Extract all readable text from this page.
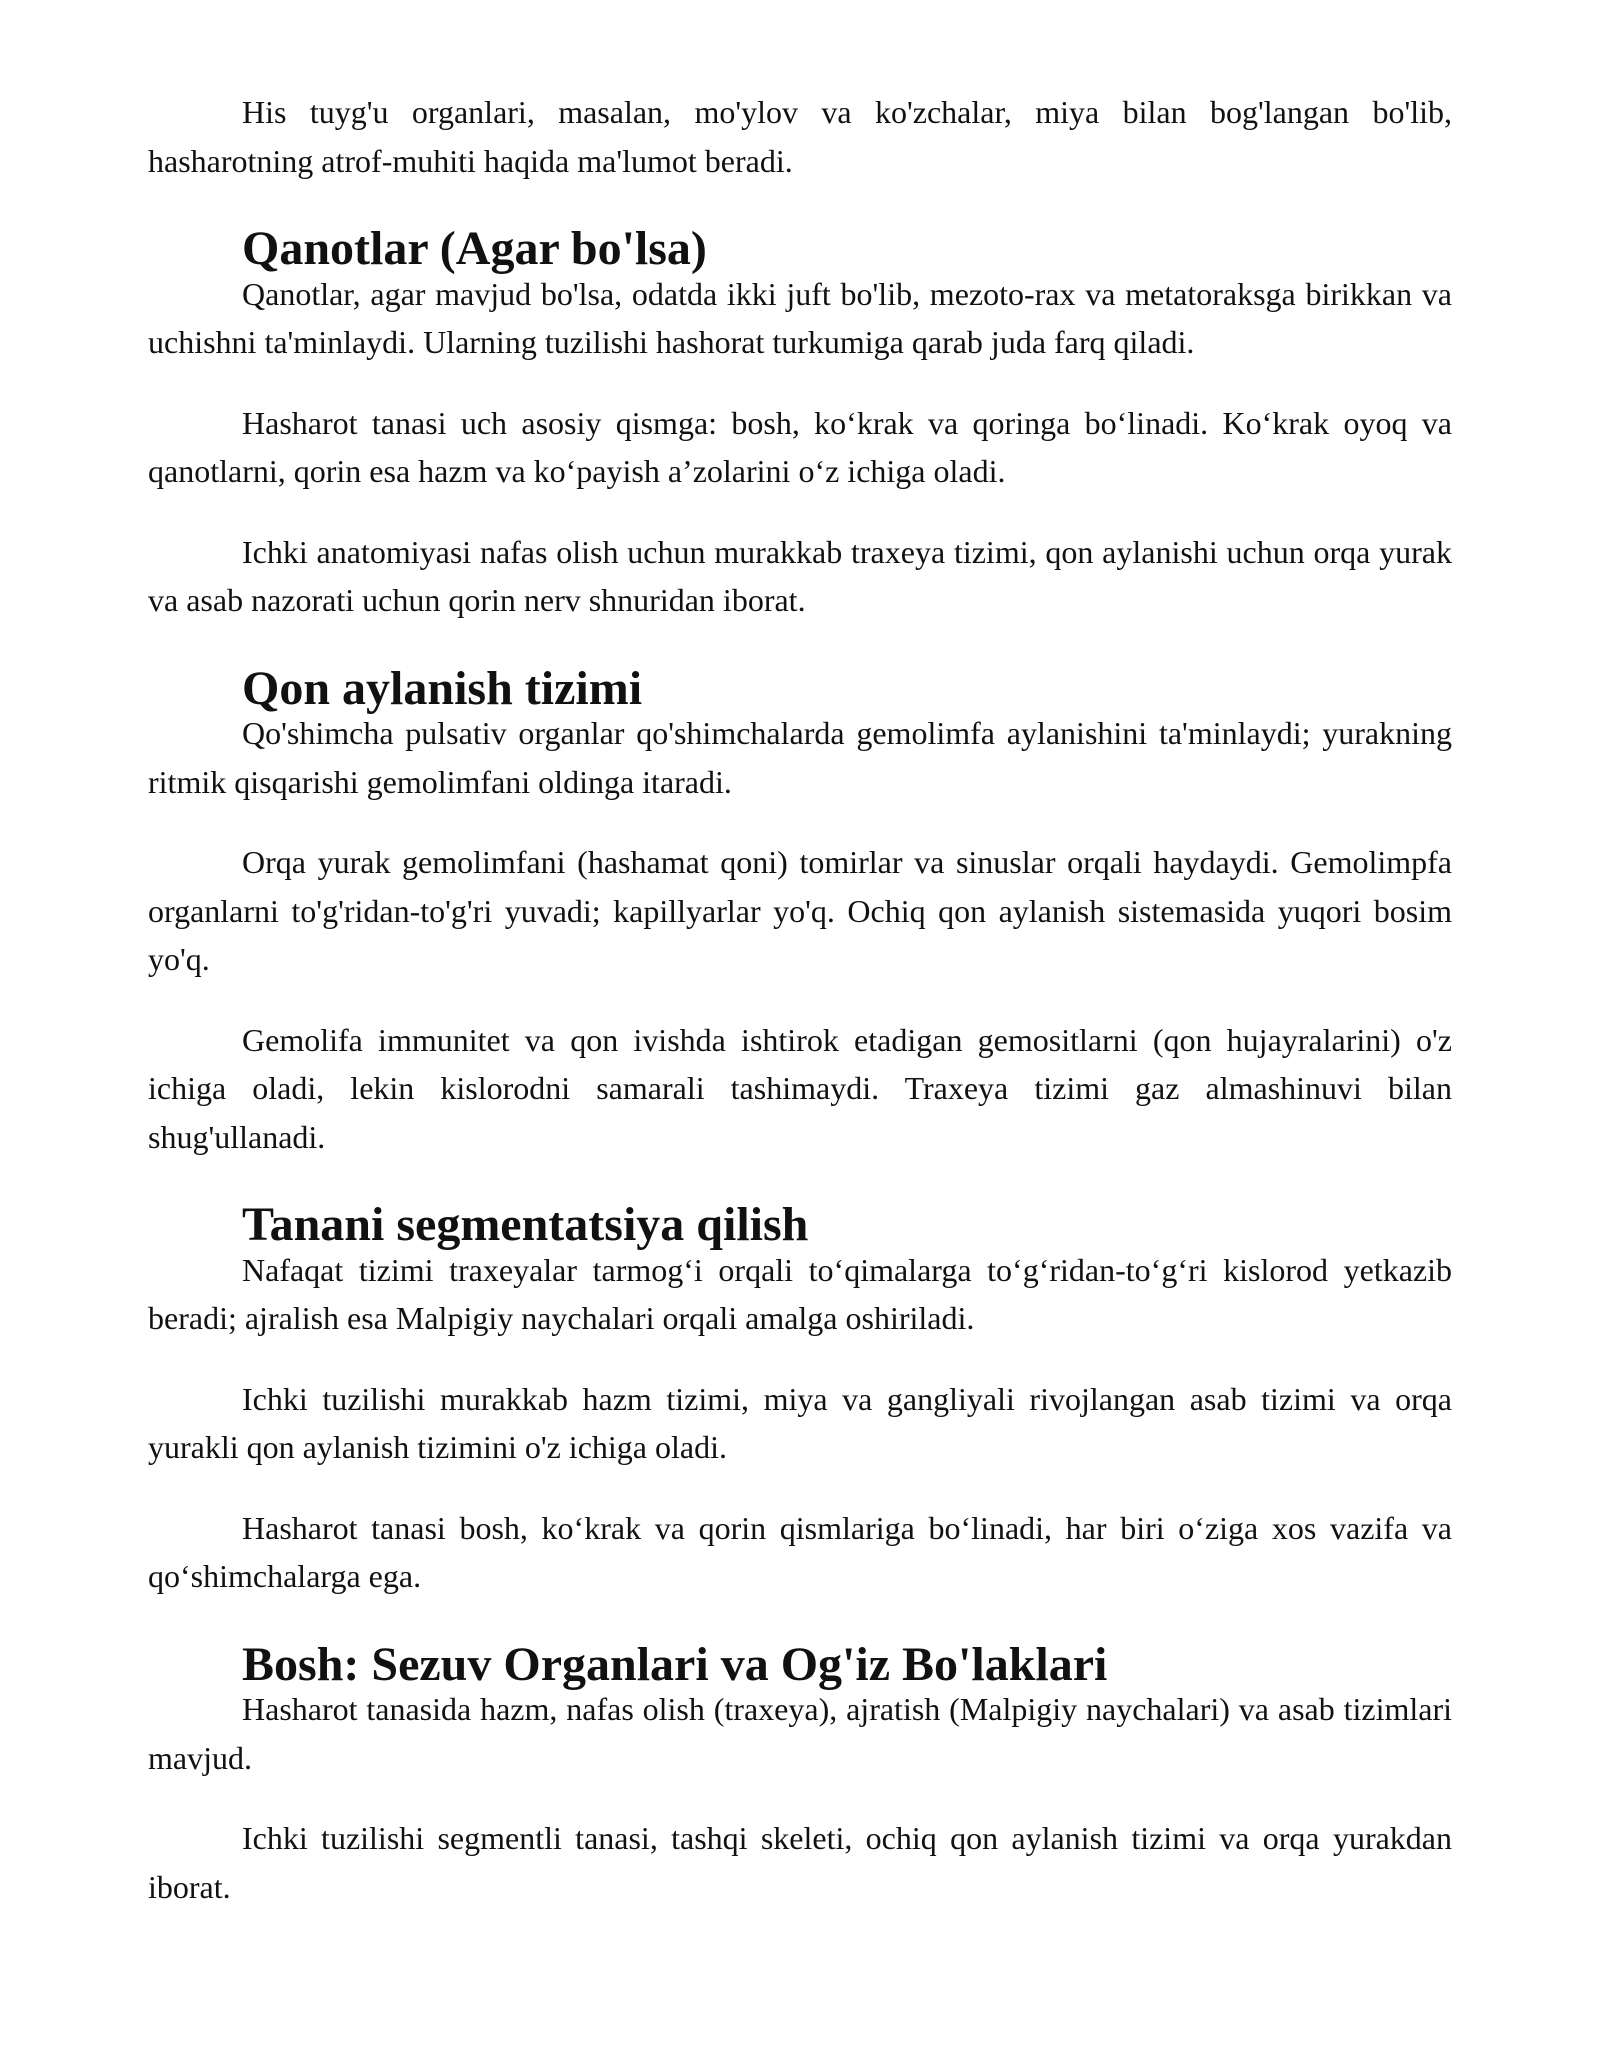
His tuyg'u organlari, masalan, mo'ylov va ko'zchalar, miya bilan bog'langan bo'lib, hasharotning atrof-muhiti haqida ma'lumot beradi.

Qanotlar (Agar bo'lsa)

Qanotlar, agar mavjud bo'lsa, odatda ikki juft bo'lib, mezoto-rax va metatoraksga birikkan va uchishni ta'minlaydi. Ularning tuzilishi hashorat turkumiga qarab juda farq qiladi.

Hasharot tanasi uch asosiy qismga: bosh, ko‘krak va qoringa bo‘linadi. Ko‘krak oyoq va qanotlarni, qorin esa hazm va ko‘payish a’zolarini o‘z ichiga oladi.

Ichki anatomiyasi nafas olish uchun murakkab traxeya tizimi, qon aylanishi uchun orqa yurak va asab nazorati uchun qorin nerv shnuridan iborat.

Qon aylanish tizimi

Qo'shimcha pulsativ organlar qo'shimchalarda gemolimfa aylanishini ta'minlaydi; yurakning ritmik qisqarishi gemolimfani oldinga itaradi.

Orqa yurak gemolimfani (hashamat qoni) tomirlar va sinuslar orqali haydaydi. Gemolimpfa organlarni to'g'ridan-to'g'ri yuvadi; kapillyarlar yo'q. Ochiq qon aylanish sistemasida yuqori bosim yo'q.

Gemolifa immunitet va qon ivishda ishtirok etadigan gemositlarni (qon hujayralarini) o'z ichiga oladi, lekin kislorodni samarali tashimaydi. Traxeya tizimi gaz almashinuvi bilan shug'ullanadi.

Tanani segmentatsiya qilish

Nafaqat tizimi traxeyalar tarmog‘i orqali to‘qimalarga to‘g‘ridan-to‘g‘ri kislorod yetkazib beradi; ajralish esa Malpigiy naychalari orqali amalga oshiriladi.

Ichki tuzilishi murakkab hazm tizimi, miya va gangliyali rivojlangan asab tizimi va orqa yurakli qon aylanish tizimini o'z ichiga oladi.

Hasharot tanasi bosh, ko‘krak va qorin qismlariga bo‘linadi, har biri o‘ziga xos vazifa va qo‘shimchalarga ega.

Bosh: Sezuv Organlari va Og'iz Bo'laklari

Hasharot tanasida hazm, nafas olish (traxeya), ajratish (Malpigiy naychalari) va asab tizimlari mavjud.

Ichki tuzilishi segmentli tanasi, tashqi skeleti, ochiq qon aylanish tizimi va orqa yurakdan iborat.
